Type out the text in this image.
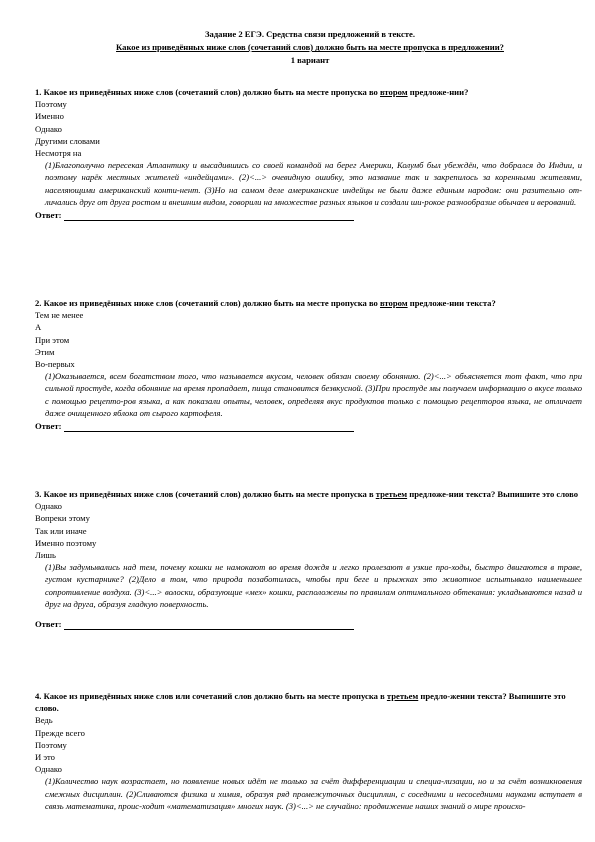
Задание 2 ЕГЭ. Средства связи предложений в тексте.
Какое из приведённых ниже слов (сочетаний слов) должно быть на месте пропуска в предложении?
1 вариант

1. Какое из приведённых ниже слов (сочетаний слов) должно быть на месте пропуска во втором предложе-нии?

Поэтому
Именно
Однако
Другими словами
Несмотря на

(1)Благополучно пересекая Атлантику и высадившись со своей командой на берег Америки, Колумб был убеждён, что добрался до Индии, и поэтому нарёк местных жителей «индейцами». (2)<...> очевидную ошибку, это название так и закрепилось за коренными жителями, населяющими американский конти-нент. (3)Но на самом деле американские индейцы не были даже единым народом: они разительно от-личались друг от друга ростом и внешним видом, говорили на множестве разных языков и создали ши-рокое разнообразие обычаев и верований.

Ответ:

2. Какое из приведённых ниже слов (сочетаний слов) должно быть на месте пропуска во втором предложе-нии текста?

Тем не менее
А
При этом
Этим
Во-первых

(1)Оказывается, всем богатством того, что называется вкусом, человек обязан своему обонянию. (2)<...> объясняется тот факт, что при сильной простуде, когда обоняние на время пропадает, пища становится безвкусной. (3)При простуде мы получаем информацию о вкусе только с помощью рецепто-ров языка, а как показали опыты, человек, определяя вкус продуктов только с помощью рецепторов языка, не отличает даже очищенного яблока от сырого картофеля.

Ответ:

3. Какое из приведённых ниже слов (сочетаний слов) должно быть на месте пропуска в третьем предложе-нии текста? Выпишите это слово

Однако
Вопреки этому
Так или иначе
Именно поэтому
Лишь

(1)Вы задумывались над тем, почему кошки не намокают во время дождя и легко пролезают в узкие про-ходы, быстро двигаются в траве, густом кустарнике? (2)Дело в том, что природа позаботилась, чтобы при беге и прыжках это животное испытывало наименьшее сопротивление воздуха. (3)<...> волоски, образующие «мех» кошки, расположены по правилам оптимального обтекания: укладываются назад и друг на друга, образуя гладкую поверхность.

Ответ:

4. Какое из приведённых ниже слов или сочетаний слов должно быть на месте пропуска в третьем предло-жении текста? Выпишите это слово.

Ведь
Прежде всего
Поэтому
И это
Однако

(1)Количество наук возрастает, но появление новых идёт не только за счёт дифференциации и специа-лизации, но и за счёт возникновения смежных дисциплин. (2)Сливаются физика и химия, образуя ряд промежуточных дисциплин, с соседними и несоседними науками вступает в связь математика, проис-ходит «математизация» многих наук. (3)<...> не случайно: продвижение наших знаний о мире происхо-
